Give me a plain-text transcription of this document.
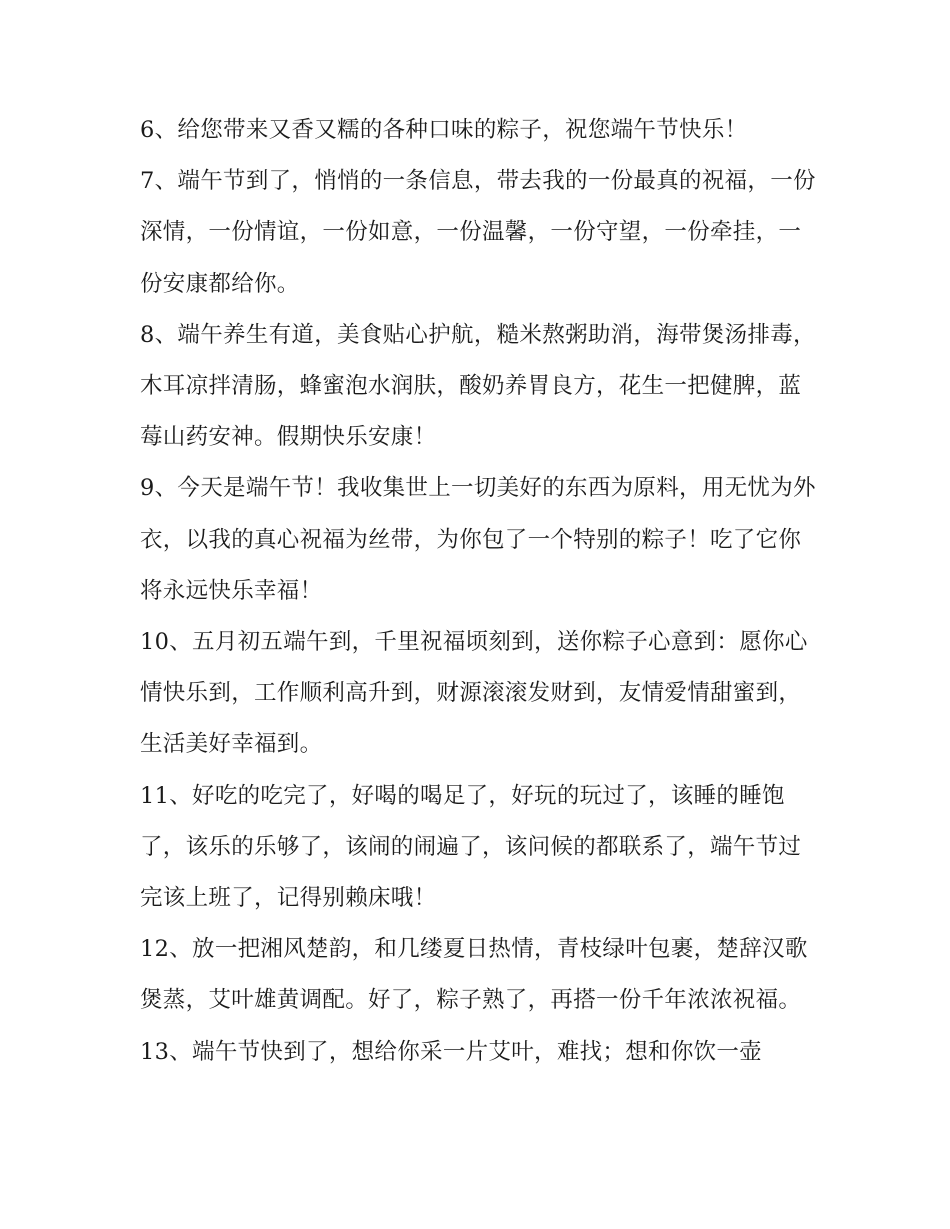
6、给您带来又香又糯的各种口味的粽子，祝您端午节快乐！

7、端午节到了，悄悄的一条信息，带去我的一份最真的祝福，一份深情，一份情谊，一份如意，一份温馨，一份守望，一份牵挂，一份安康都给你。

8、端午养生有道，美食贴心护航，糙米熬粥助消，海带煲汤排毒，木耳凉拌清肠，蜂蜜泡水润肤，酸奶养胃良方，花生一把健脾，蓝莓山药安神。假期快乐安康！

9、今天是端午节！我收集世上一切美好的东西为原料，用无忧为外衣，以我的真心祝福为丝带，为你包了一个特别的粽子！吃了它你将永远快乐幸福！

10、五月初五端午到，千里祝福顷刻到，送你粽子心意到：愿你心情快乐到，工作顺利高升到，财源滚滚发财到，友情爱情甜蜜到，生活美好幸福到。

11、好吃的吃完了，好喝的喝足了，好玩的玩过了，该睡的睡饱了，该乐的乐够了，该闹的闹遍了，该问候的都联系了，端午节过完该上班了，记得别赖床哦！

12、放一把湘风楚韵，和几缕夏日热情，青枝绿叶包裹，楚辞汉歌煲蒸，艾叶雄黄调配。好了，粽子熟了，再搭一份千年浓浓祝福。

13、端午节快到了，想给你采一片艾叶，难找；想和你饮一壶
